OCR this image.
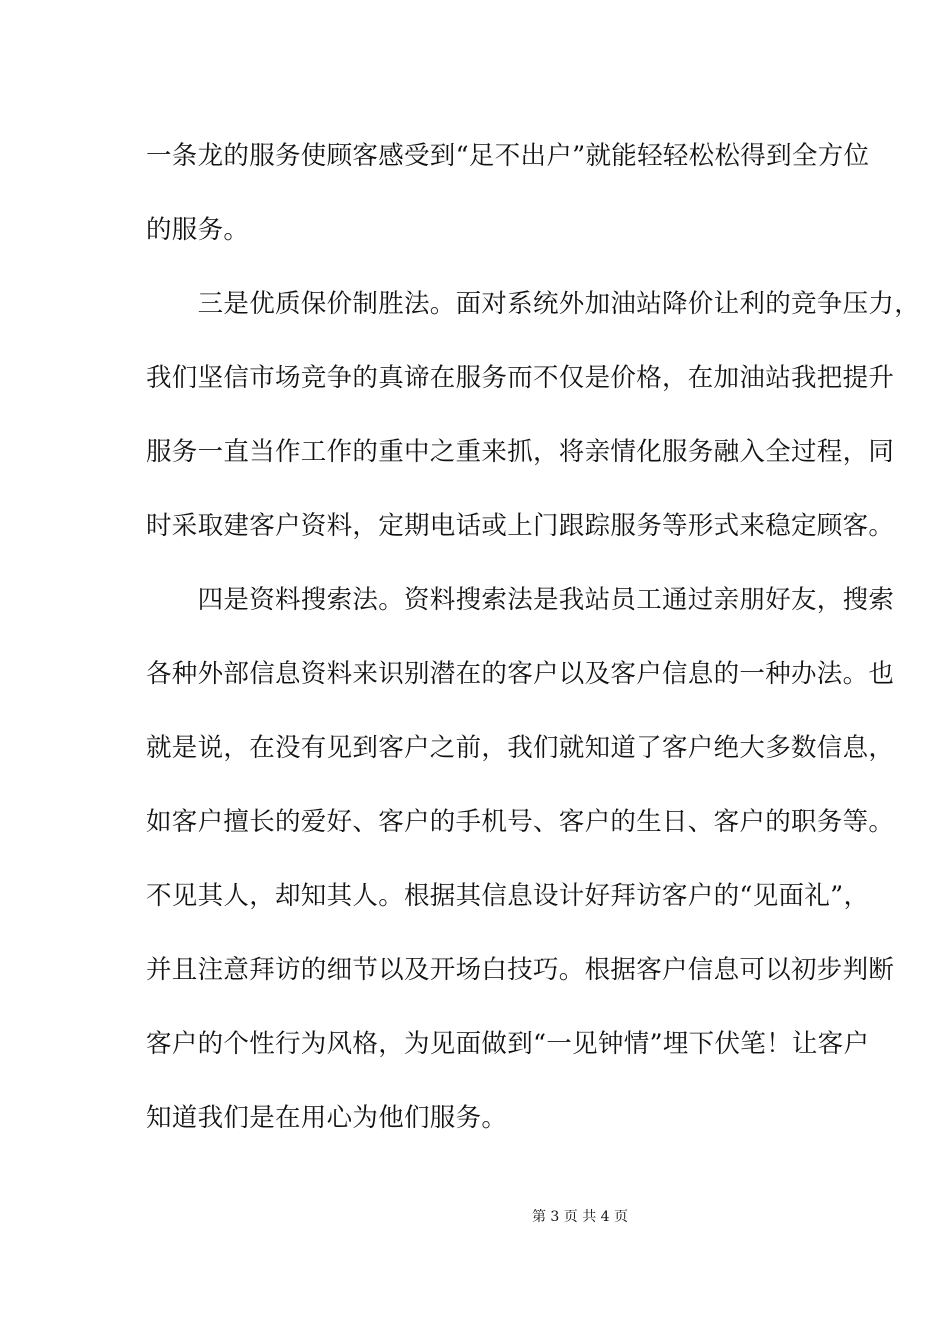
一条龙的服务使顾客感受到“足不出户”就能轻轻松松得到全方位
的服务。
　　三是优质保价制胜法。面对系统外加油站降价让利的竞争压力，
我们坚信市场竞争的真谛在服务而不仅是价格，在加油站我把提升
服务一直当作工作的重中之重来抓，将亲情化服务融入全过程，同
时采取建客户资料，定期电话或上门跟踪服务等形式来稳定顾客。
　　四是资料搜索法。资料搜索法是我站员工通过亲朋好友，搜索
各种外部信息资料来识别潜在的客户以及客户信息的一种办法。也
就是说，在没有见到客户之前，我们就知道了客户绝大多数信息，
如客户擅长的爱好、客户的手机号、客户的生日、客户的职务等。
不见其人，却知其人。根据其信息设计好拜访客户的“见面礼”，
并且注意拜访的细节以及开场白技巧。根据客户信息可以初步判断
客户的个性行为风格，为见面做到“一见钟情”埋下伏笔！让客户
知道我们是在用心为他们服务。
第 3 页 共 4 页
